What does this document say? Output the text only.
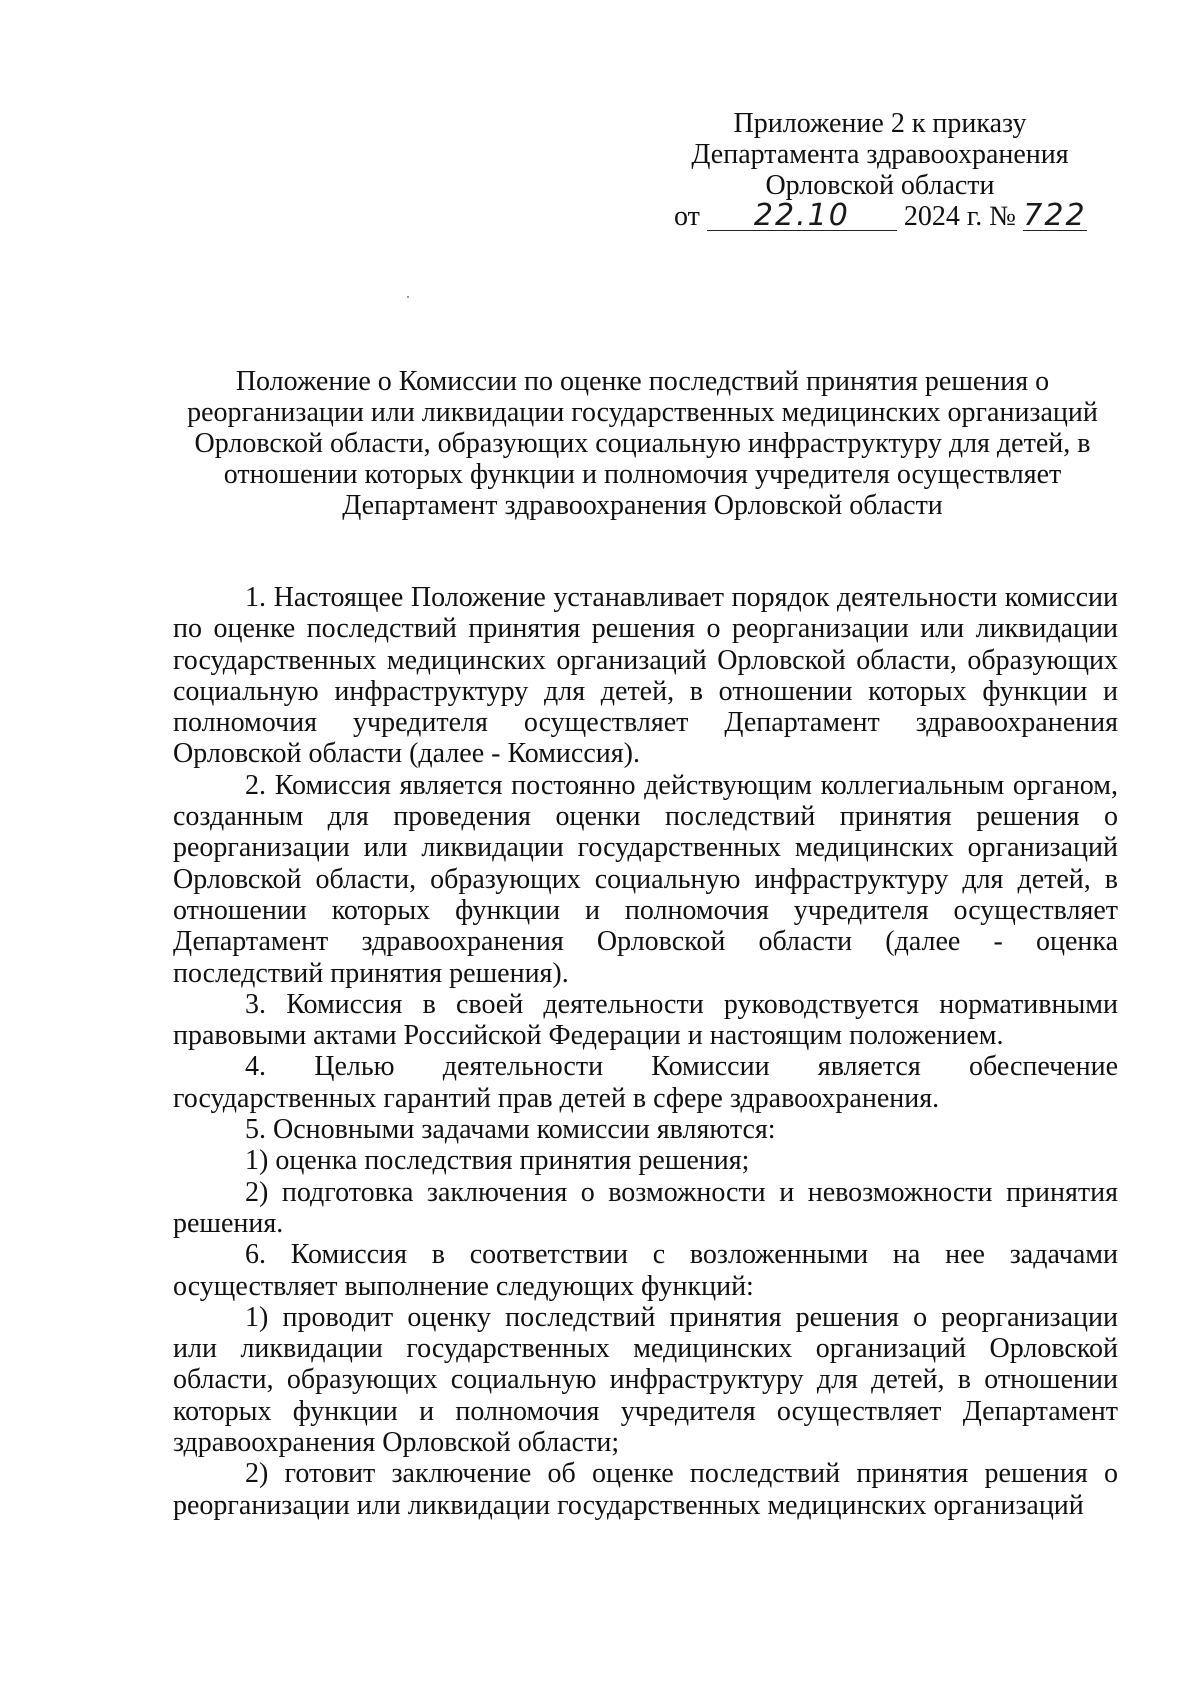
Приложение 2 к приказу
Департамента здравоохранения
Орловской области
от 22.10 2024 г. № 722
Положение о Комиссии по оценке последствий принятия решения о
реорганизации или ликвидации государственных медицинских организаций
Орловской области, образующих социальную инфраструктуру для детей, в
отношении которых функции и полномочия учредителя осуществляет
Департамент здравоохранения Орловской области

1. Настоящее Положение устанавливает порядок деятельности комиссии по оценке последствий принятия решения о реорганизации или ликвидации государственных медицинских организаций Орловской области, образующих социальную инфраструктуру для детей, в отношении которых функции и полномочия учредителя осуществляет Департамент здравоохранения Орловской области (далее - Комиссия).

2. Комиссия является постоянно действующим коллегиальным органом, созданным для проведения оценки последствий принятия решения о реорганизации или ликвидации государственных медицинских организаций Орловской области, образующих социальную инфраструктуру для детей, в отношении которых функции и полномочия учредителя осуществляет Департамент здравоохранения Орловской области (далее - оценка последствий принятия решения).

3. Комиссия в своей деятельности руководствуется нормативными правовыми актами Российской Федерации и настоящим положением.

4. Целью деятельности Комиссии является обеспечение государственных гарантий прав детей в сфере здравоохранения.

5. Основными задачами комиссии являются:

1) оценка последствия принятия решения;

2) подготовка заключения о возможности и невозможности принятия решения.

6. Комиссия в соответствии с возложенными на нее задачами осуществляет выполнение следующих функций:

1) проводит оценку последствий принятия решения о реорганизации или ликвидации государственных медицинских организаций Орловской области, образующих социальную инфраструктуру для детей, в отношении которых функции и полномочия учредителя осуществляет Департамент здравоохранения Орловской области;

2) готовит заключение об оценке последствий принятия решения о реорганизации или ликвидации государственных медицинских организаций
